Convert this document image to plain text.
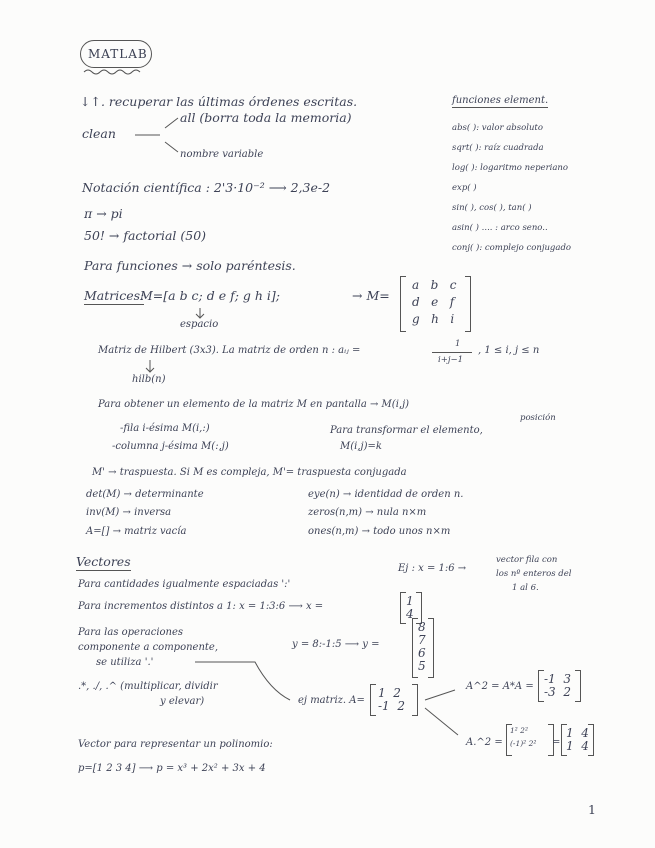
MATLAB
↓↑. recuperar las últimas órdenes escritas.
clean
all (borra toda la memoria)
nombre variable
Notación científica : 2'3·10⁻² ⟶ 2,3e-2
π → pi
50! → factorial (50)
Para funciones → solo paréntesis.
Matrices:
M=[a b c; d e f; g h i];	→ M=
espacio
a b c
d e f
g h i
Matriz de Hilbert (3x3). La matriz de orden n : aᵢⱼ =
1
i+j−1
, 1 ≤ i, j ≤ n
hilb(n)
Para obtener un elemento de la matriz M en pantalla → M(i,j)
posición
-fila i-ésima M(i,:)
-columna j-ésima M(:,j)
Para transformar el elemento,
M(i,j)=k
M' → traspuesta. Si M es compleja, M'= traspuesta conjugada
det(M) → determinante	eye(n) → identidad de orden n.
inv(M) → inversa	zeros(n,m) → nula n×m
A=[] → matriz vacía	ones(n,m) → todo unos n×m
Vectores	Ej : x = 1:6 →
vector fila con
los nº enteros del
1 al 6.
Para cantidades igualmente espaciadas ':'
Para incrementos distintos a 1: x = 1:3:6 ⟶ x =	1
4
Para las operaciones
componente a componente,
se utiliza '.'
y = 8:-1:5 ⟶ y =
8
7
6
5
.*, ./, .^ (multiplicar, dividir
y elevar)	ej matriz. A=
1 2
-1 2
A^2 = A*A =
-1 3
-3 2
A.^2 =
1² 2²
(-1)² 2² =
1 4
1 4
Vector para representar un polinomio:
p=[1 2 3 4] ⟶ p = x³ + 2x² + 3x + 4
funciones element.
abs( ): valor absoluto
sqrt( ): raíz cuadrada
log( ): logaritmo neperiano
exp( )
sin( ), cos( ), tan( )
asin( ) .... : arco seno..
conj( ): complejo conjugado
1
